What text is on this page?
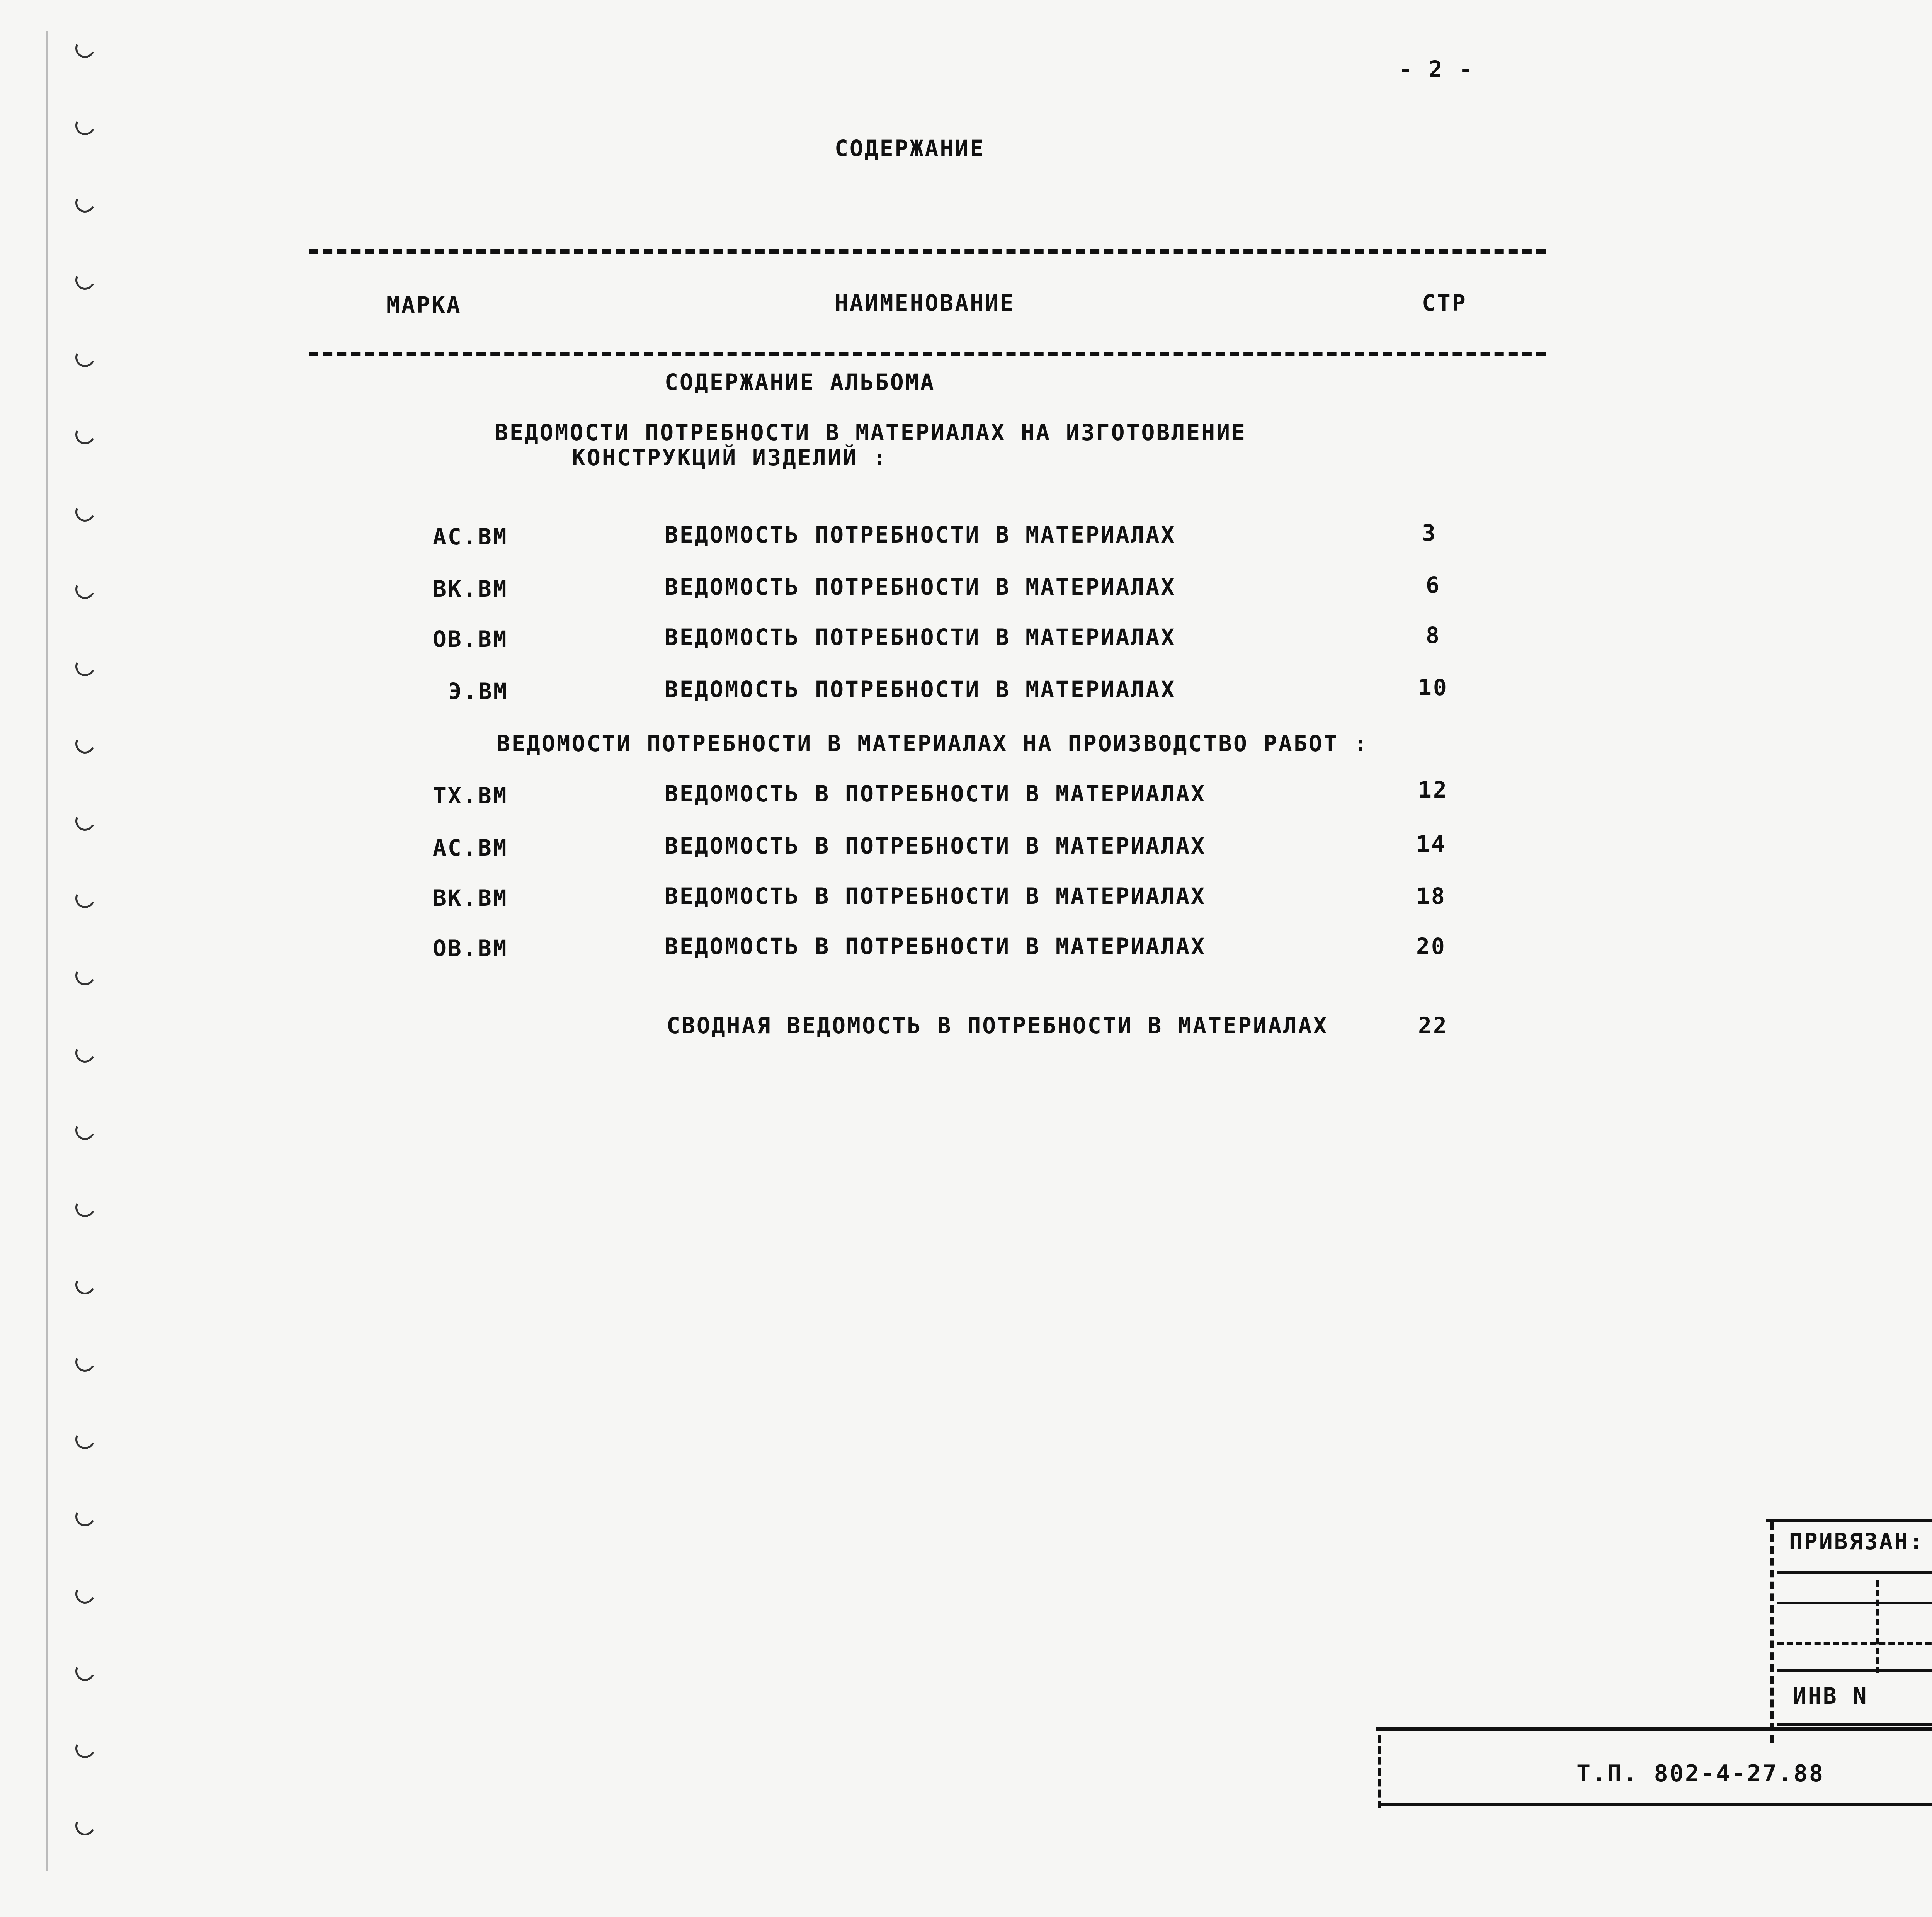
- 2 -
СОДЕРЖАНИЕ
МАРКА	НАИМЕНОВАНИЕ	СТР
СОДЕРЖАНИЕ АЛЬБОМА
ВЕДОМОСТИ ПОТРЕБНОСТИ В МАТЕРИАЛАХ НА ИЗГОТОВЛЕНИЕ
КОНСТРУКЦИЙ ИЗДЕЛИЙ :
АС.ВМ	ВЕДОМОСТЬ ПОТРЕБНОСТИ В МАТЕРИАЛАХ	3
ВК.ВМ	ВЕДОМОСТЬ ПОТРЕБНОСТИ В МАТЕРИАЛАХ	6
ОВ.ВМ	ВЕДОМОСТЬ ПОТРЕБНОСТИ В МАТЕРИАЛАХ	8
Э.ВМ	ВЕДОМОСТЬ ПОТРЕБНОСТИ В МАТЕРИАЛАХ	10
ВЕДОМОСТИ ПОТРЕБНОСТИ В МАТЕРИАЛАХ НА ПРОИЗВОДСТВО РАБОТ :
ТХ.ВМ	ВЕДОМОСТЬ В ПОТРЕБНОСТИ В МАТЕРИАЛАХ	12
АС.ВМ	ВЕДОМОСТЬ В ПОТРЕБНОСТИ В МАТЕРИАЛАХ	14
ВК.ВМ	ВЕДОМОСТЬ В ПОТРЕБНОСТИ В МАТЕРИАЛАХ	18
ОВ.ВМ	ВЕДОМОСТЬ В ПОТРЕБНОСТИ В МАТЕРИАЛАХ	20
СВОДНАЯ ВЕДОМОСТЬ В ПОТРЕБНОСТИ В МАТЕРИАЛАХ	22
ПРИВЯЗАН:
ИНВ N
Т.П. 802-4-27.88
